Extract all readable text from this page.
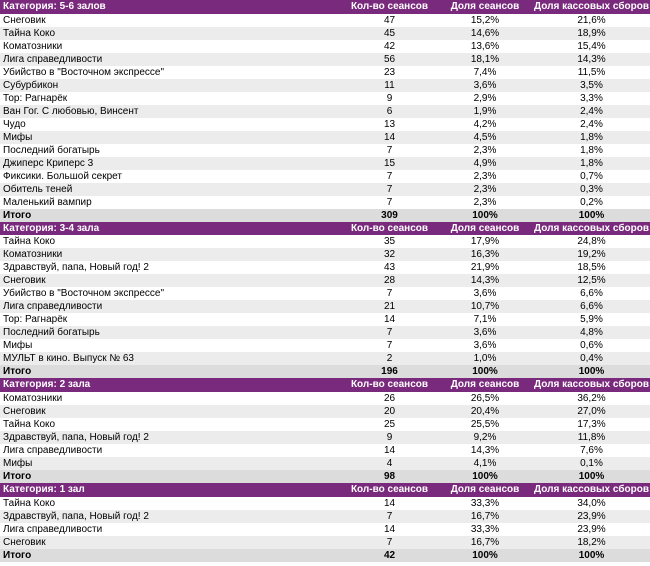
Категория: 5-6 залов	Кол-во сеансов	Доля сеансов	Доля кассовых сборов
Снеговик	47	15,2%	21,6%
Тайна Коко	45	14,6%	18,9%
Коматозники	42	13,6%	15,4%
Лига справедливости	56	18,1%	14,3%
Убийство в "Восточном экспрессе"	23	7,4%	11,5%
Субурбикон	11	3,6%	3,5%
Тор: Рагнарёк	9	2,9%	3,3%
Ван Гог. С любовью, Винсент	6	1,9%	2,4%
Чудо	13	4,2%	2,4%
Мифы	14	4,5%	1,8%
Последний богатырь	7	2,3%	1,8%
Джиперс Криперс 3	15	4,9%	1,8%
Фиксики. Большой секрет	7	2,3%	0,7%
Обитель теней	7	2,3%	0,3%
Маленький вампир	7	2,3%	0,2%
Итого	309	100%	100%
Категория: 3-4 зала	Кол-во сеансов	Доля сеансов	Доля кассовых сборов
Тайна Коко	35	17,9%	24,8%
Коматозники	32	16,3%	19,2%
Здравствуй, папа, Новый год! 2	43	21,9%	18,5%
Снеговик	28	14,3%	12,5%
Убийство в "Восточном экспрессе"	7	3,6%	6,6%
Лига справедливости	21	10,7%	6,6%
Тор: Рагнарёк	14	7,1%	5,9%
Последний богатырь	7	3,6%	4,8%
Мифы	7	3,6%	0,6%
МУЛЬТ в кино. Выпуск № 63	2	1,0%	0,4%
Итого	196	100%	100%
Категория: 2 зала	Кол-во сеансов	Доля сеансов	Доля кассовых сборов
Коматозники	26	26,5%	36,2%
Снеговик	20	20,4%	27,0%
Тайна Коко	25	25,5%	17,3%
Здравствуй, папа, Новый год! 2	9	9,2%	11,8%
Лига справедливости	14	14,3%	7,6%
Мифы	4	4,1%	0,1%
Итого	98	100%	100%
Категория: 1 зал	Кол-во сеансов	Доля сеансов	Доля кассовых сборов
Тайна Коко	14	33,3%	34,0%
Здравствуй, папа, Новый год! 2	7	16,7%	23,9%
Лига справедливости	14	33,3%	23,9%
Снеговик	7	16,7%	18,2%
Итого	42	100%	100%
